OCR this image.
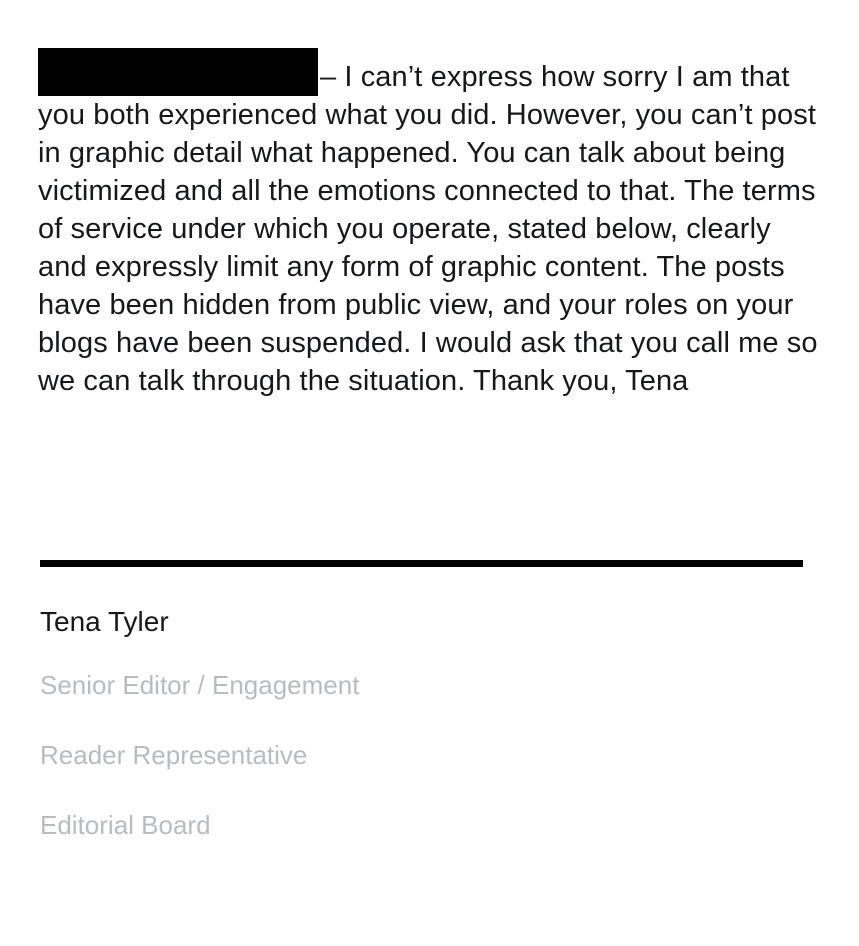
– I can’t express how sorry I am that you both experienced what you did. However, you can’t post in graphic detail what happened. You can talk about being victimized and all the emotions connected to that. The terms of service under which you operate, stated below, clearly and expressly limit any form of graphic content. The posts have been hidden from public view, and your roles on your blogs have been suspended. I would ask that you call me so we can talk through the situation. Thank you, Tena

Tena Tyler
Senior Editor / Engagement
Reader Representative
Editorial Board
